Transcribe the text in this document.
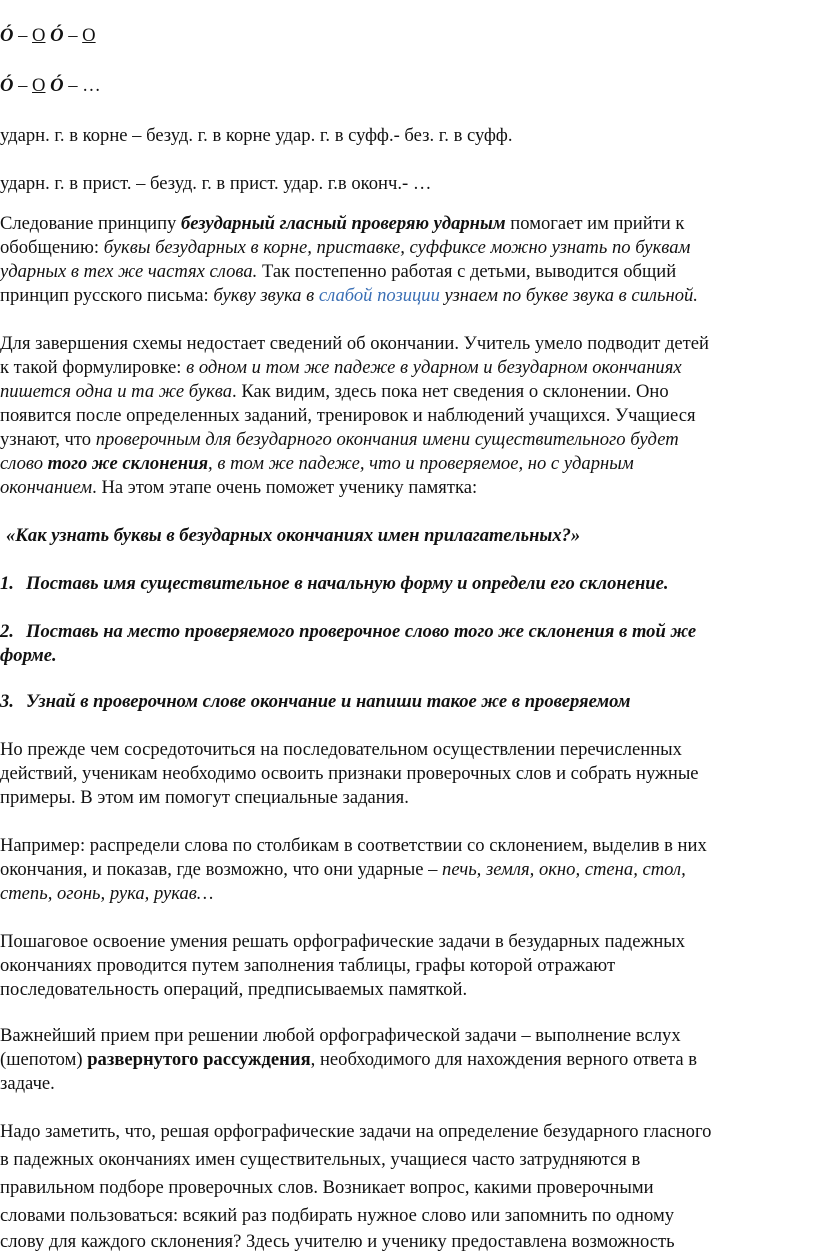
Ó – О Ó – О
Ó – О Ó – …
ударн. г. в корне – безуд. г. в корне удар. г. в суфф.- без. г. в суфф.
ударн. г. в прист. – безуд. г. в прист. удар. г.в оконч.- …
Следование принципу безударный гласный проверяю ударным помогает им прийти к
обобщению: буквы безударных в корне, приставке, суффиксе можно узнать по буквам
ударных в тех же частях слова. Так постепенно работая с детьми, выводится общий
принцип русского письма: букву звука в слабой позиции узнаем по букве звука в сильной.
Для завершения схемы недостает сведений об окончании. Учитель умело подводит детей
к такой формулировке: в одном и том же падеже в ударном и безударном окончаниях
пишется одна и та же буква. Как видим, здесь пока нет сведения о склонении. Оно
появится после определенных заданий, тренировок и наблюдений учащихся. Учащиеся
узнают, что проверочным для безударного окончания имени существительного будет
слово того же склонения, в том же падеже, что и проверяемое, но с ударным
окончанием. На этом этапе очень поможет ученику памятка:
«Как узнать буквы в безударных окончаниях имен прилагательных?»
1. Поставь имя существительное в начальную форму и определи его склонение.
2. Поставь на место проверяемого проверочное слово того же склонения в той же
форме.
3. Узнай в проверочном слове окончание и напиши такое же в проверяемом
Но прежде чем сосредоточиться на последовательном осуществлении перечисленных
действий, ученикам необходимо освоить признаки проверочных слов и собрать нужные
примеры. В этом им помогут специальные задания.
Например: распредели слова по столбикам в соответствии со склонением, выделив в них
окончания, и показав, где возможно, что они ударные – печь, земля, окно, стена, стол,
степь, огонь, рука, рукав…
Пошаговое освоение умения решать орфографические задачи в безударных падежных
окончаниях проводится путем заполнения таблицы, графы которой отражают
последовательность операций, предписываемых памяткой.
Важнейший прием при решении любой орфографической задачи – выполнение вслух
(шепотом) развернутого рассуждения, необходимого для нахождения верного ответа в
задаче.
Надо заметить, что, решая орфографические задачи на определение безударного гласного
в падежных окончаниях имен существительных, учащиеся часто затрудняются в
правильном подборе проверочных слов. Возникает вопрос, какими проверочными
словами пользоваться: всякий раз подбирать нужное слово или запомнить по одному
слову для каждого склонения? Здесь учителю и ученику предоставлена возможность
